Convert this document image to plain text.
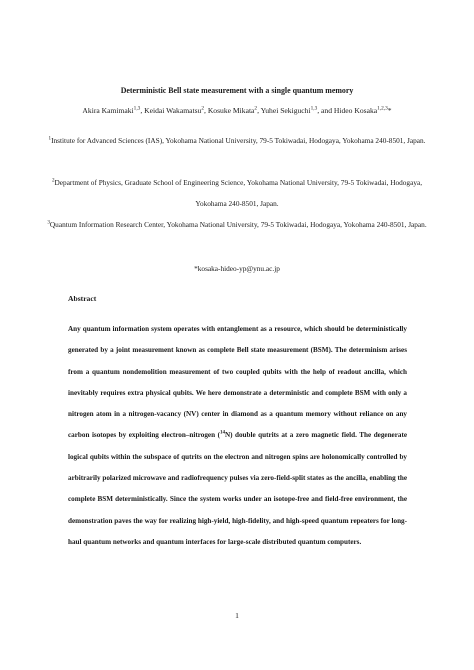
Deterministic Bell state measurement with a single quantum memory
Akira Kamimaki$^{1,3}$, Keidai Wakamatsu$^2$, Kosuke Mikata$^2$, Yuhei Sekiguchi$^{1,3}$, and Hideo Kosaka$^{1,2,3}$*
$^1$Institute for Advanced Sciences (IAS), Yokohama National University, 79-5 Tokiwadai, Hodogaya, Yokohama 240-8501, Japan.
$^2$Department of Physics, Graduate School of Engineering Science, Yokohama National University, 79-5 Tokiwadai, Hodogaya, Yokohama 240-8501, Japan.
$^3$Quantum Information Research Center, Yokohama National University, 79-5 Tokiwadai, Hodogaya, Yokohama 240-8501, Japan.
*kosaka-hideo-yp@ynu.ac.jp
Abstract
Any quantum information system operates with entanglement as a resource, which should be deterministically generated by a joint measurement known as complete Bell state measurement (BSM). The determinism arises from a quantum nondemolition measurement of two coupled qubits with the help of readout ancilla, which inevitably requires extra physical qubits. We here demonstrate a deterministic and complete BSM with only a nitrogen atom in a nitrogen-vacancy (NV) center in diamond as a quantum memory without reliance on any carbon isotopes by exploiting electron–nitrogen ($^{14}$N) double qutrits at a zero magnetic field. The degenerate logical qubits within the subspace of qutrits on the electron and nitrogen spins are holonomically controlled by arbitrarily polarized microwave and radiofrequency pulses via zero-field-split states as the ancilla, enabling the complete BSM deterministically. Since the system works under an isotope-free and field-free environment, the demonstration paves the way for realizing high-yield, high-fidelity, and high-speed quantum repeaters for long-haul quantum networks and quantum interfaces for large-scale distributed quantum computers.
1
